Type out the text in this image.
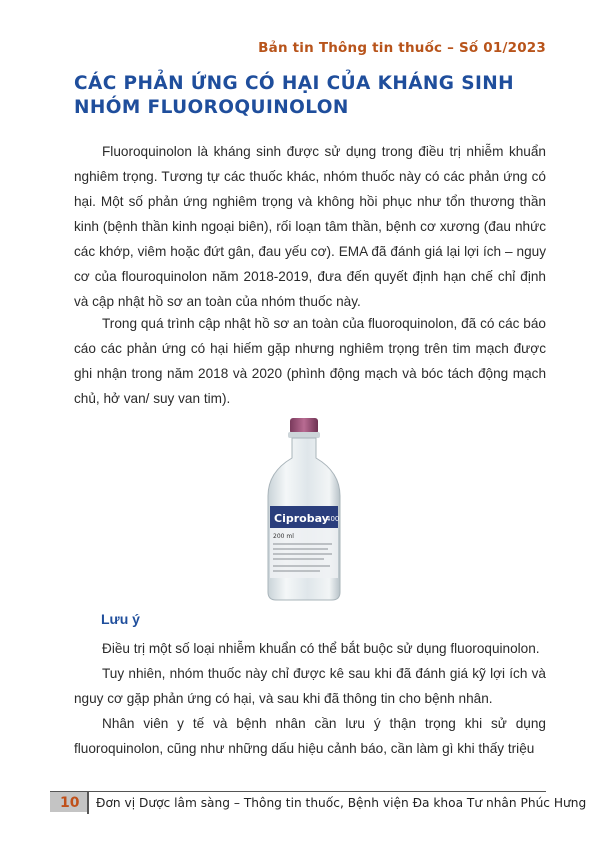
Bản tin Thông tin thuốc – Số 01/2023
CÁC PHẢN ỨNG CÓ HẠI CỦA KHÁNG SINH NHÓM FLUOROQUINOLON

Fluoroquinolon là kháng sinh được sử dụng trong điều trị nhiễm khuẩn nghiêm trọng. Tương tự các thuốc khác, nhóm thuốc này có các phản ứng có hại. Một số phản ứng nghiêm trọng và không hồi phục như tổn thương thần kinh (bệnh thần kinh ngoại biên), rối loạn tâm thần, bệnh cơ xương (đau nhức các khớp, viêm hoặc đứt gân, đau yếu cơ). EMA đã đánh giá lại lợi ích – nguy cơ của flouroquinolon năm 2018-2019, đưa đến quyết định hạn chế chỉ định và cập nhật hồ sơ an toàn của nhóm thuốc này.

Trong quá trình cập nhật hồ sơ an toàn của fluoroquinolon, đã có các báo cáo các phản ứng có hại hiếm gặp nhưng nghiêm trọng trên tim mạch được ghi nhận trong năm 2018 và 2020 (phình động mạch và bóc tách động mạch chủ, hở van/ suy van tim).

Ciprobay
400
200 ml
Lưu ý

Điều trị một số loại nhiễm khuẩn có thể bắt buộc sử dụng fluoroquinolon.

Tuy nhiên, nhóm thuốc này chỉ được kê sau khi đã đánh giá kỹ lợi ích và nguy cơ gặp phản ứng có hại, và sau khi đã thông tin cho bệnh nhân.

Nhân viên y tế và bệnh nhân cần lưu ý thận trọng khi sử dụng fluoroquinolon, cũng như những dấu hiệu cảnh báo, cần làm gì khi thấy triệu

10 Đơn vị Dược lâm sàng – Thông tin thuốc, Bệnh viện Đa khoa Tư nhân Phúc Hưng
